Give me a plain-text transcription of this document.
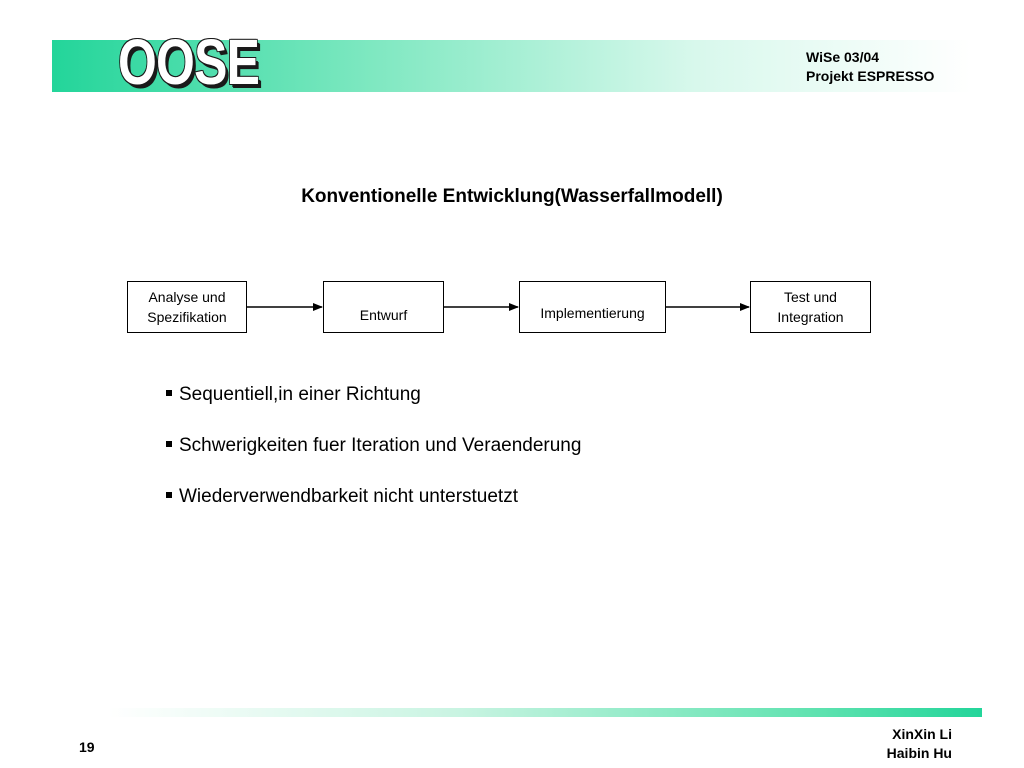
OOSE	WiSe 03/04
Projekt ESPRESSO
Konventionelle Entwicklung(Wasserfallmodell)
Analyse und
Spezifikation	Entwurf	Implementierung
Test und
Integration
Sequentiell,in einer Richtung
Schwerigkeiten fuer Iteration und Veraenderung
Wiederverwendbarkeit nicht unterstuetzt
19
XinXin Li
Haibin Hu
